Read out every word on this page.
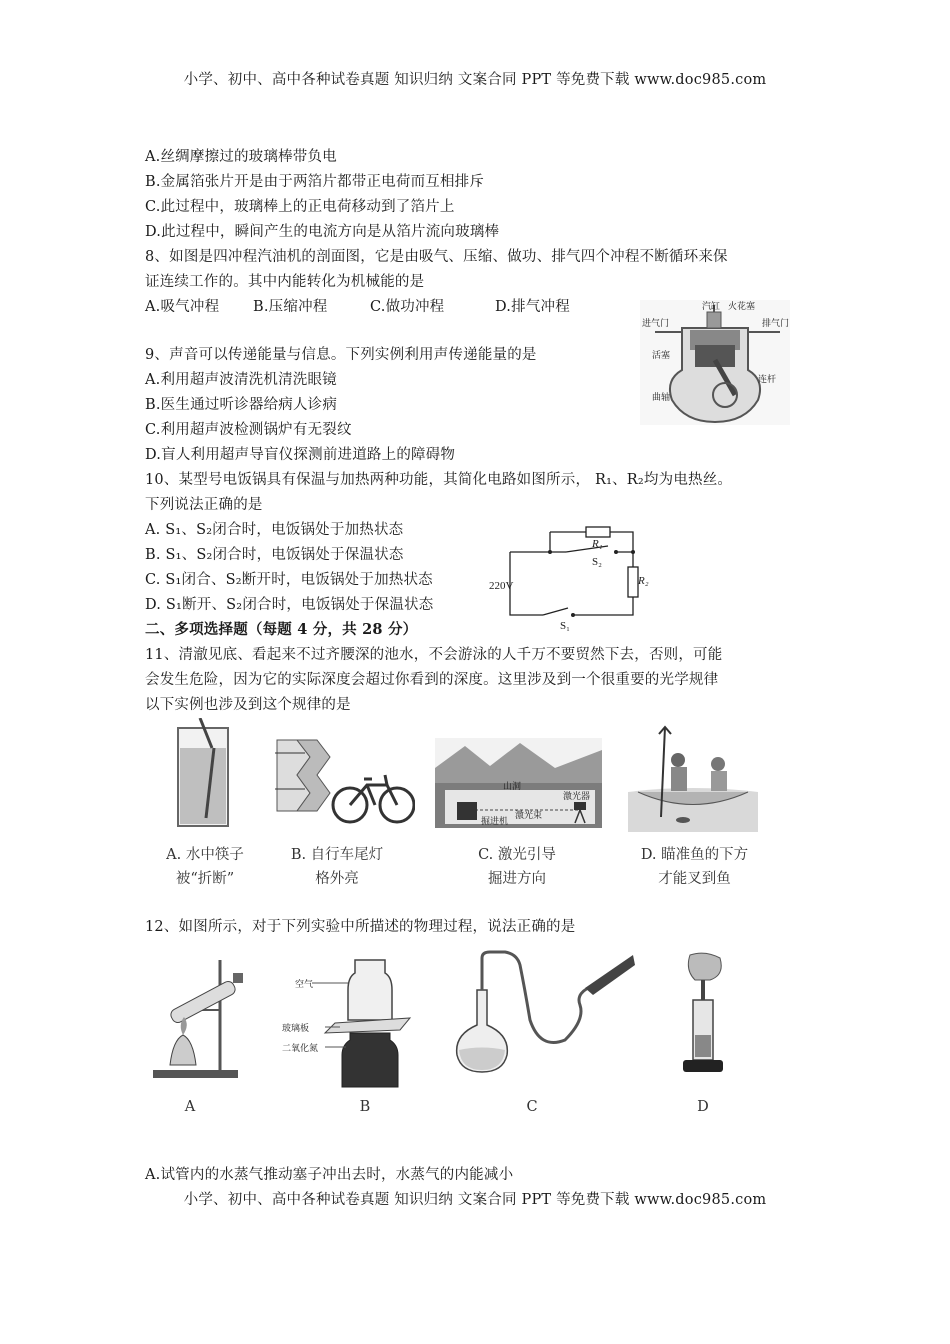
小学、初中、高中各种试卷真题 知识归纳 文案合同 PPT 等免费下载 www.doc985.com
A.丝绸摩擦过的玻璃棒带负电
B.金属箔张片开是由于两箔片都带正电荷而互相排斥
C.此过程中，玻璃棒上的正电荷移动到了箔片上
D.此过程中，瞬间产生的电流方向是从箔片流向玻璃棒
8、如图是四冲程汽油机的剖面图，它是由吸气、压缩、做功、排气四个冲程不断循环来保
证连续工作的。其中内能转化为机械能的是
A.吸气冲程 B.压缩冲程	C.做功冲程	D.排气冲程	汽缸 火花塞
进气门	排气门
活塞
连杆
曲轴
9、声音可以传递能量与信息。下列实例利用声传递能量的是
A.利用超声波清洗机清洗眼镜
B.医生通过听诊器给病人诊病
C.利用超声波检测锅炉有无裂纹
D.盲人利用超声导盲仪探测前进道路上的障碍物
10、某型号电饭锅具有保温与加热两种功能，其简化电路如图所示， R₁、R₂均为电热丝。
下列说法正确的是
A. S₁、S₂闭合时，电饭锅处于加热状态
B. S₁、S₂闭合时，电饭锅处于保温状态
C. S₁闭合、S₂断开时，电饭锅处于加热状态
D. S₁断开、S₂闭合时，电饭锅处于保温状态
R₁
S₂
R₂
220V
S₁
二、多项选择题（每题 4 分，共 28 分）
11、清澈见底、看起来不过齐腰深的池水，不会游泳的人千万不要贸然下去，否则，可能
会发生危险，因为它的实际深度会超过你看到的深度。这里涉及到一个很重要的光学规律
以下实例也涉及到这个规律的是
山洞
激光器
激光束
掘进机
A. 水中筷子
被“折断”
B. 自行车尾灯
格外亮
C. 激光引导
掘进方向
D. 瞄准鱼的下方
才能叉到鱼
12、如图所示，对于下列实验中所描述的物理过程，说法正确的是
A
空气
玻璃板
二氧化氮
B	C	D
A.试管内的水蒸气推动塞子冲出去时，水蒸气的内能减小
小学、初中、高中各种试卷真题 知识归纳 文案合同 PPT 等免费下载 www.doc985.com
